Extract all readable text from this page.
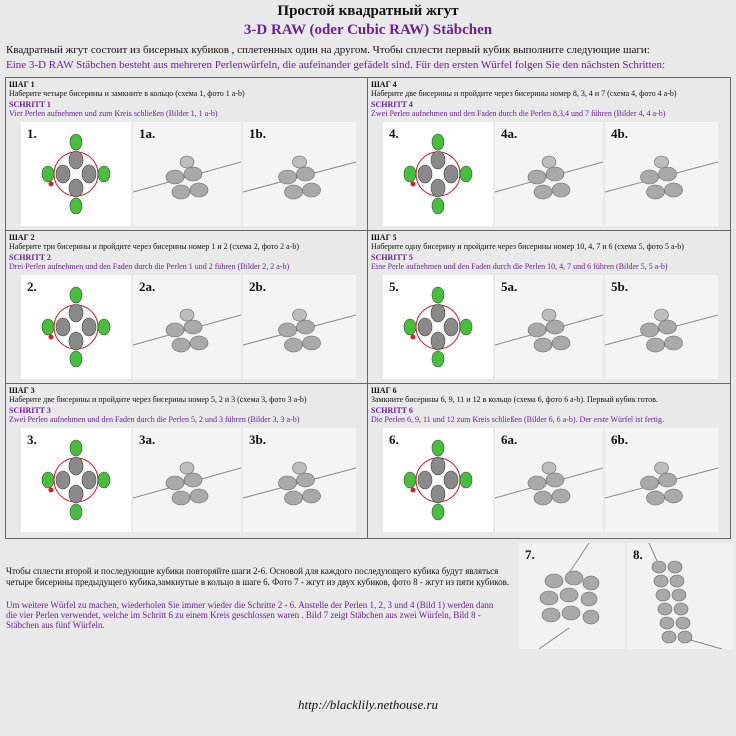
Простой квадратный жгут
3-D RAW (oder Cubic RAW) Stäbchen
Квадратный жгут состоит из бисерных кубиков , сплетенных один на другом. Чтобы сплести первый кубик выполните следующие шаги:
Eine 3-D RAW Stäbchen besteht aus mehreren Perlenwürfeln, die aufeinander gefädelt sind. Für den ersten Würfel folgen Sie den nächsten Schritten:
ШАГ 1
Наберите четыре бисерины и замкните в кольцо (схема 1, фото 1 a-b)
SCHRITT 1
Vier Perlen aufnehmen und zum Kreis schließen (Bilder 1, 1 a-b)
1.	1a.	1b.
ШАГ 4
Наберите две бисерины и пройдите через бисерины номер 8, 3, 4 и 7 (схема 4, фото 4 a-b)
SCHRITT 4
Zwei Perlen aufnehmen und den Faden durch die Perlen 8,3,4 und 7 führen (Bilder 4, 4 a-b)
4.	4a.	4b.
ШАГ 2
Наберите три бисерины и пройдите через бисерины номер 1 и 2 (схема 2, фото 2 a-b)
SCHRITT 2
Drei Perlen aufnehmen und den Faden durch die Perlen 1 und 2 führen (Bilder 2, 2 a-b)
2.	2a.	2b.
ШАГ 5
Наберите одну бисерину и пройдите через бисерины номер 10, 4, 7 и 6 (схема 5, фото 5 a-b)
SCHRITT 5
Eine Perle aufnehmen und den Faden durch die Perlen 10, 4, 7 und 6 führen (Bilder 5, 5 a-b)
5.	5a.	5b.
ШАГ 3
Наберите две бисерины и пройдите через бисерины номер 5, 2 и 3 (схема 3, фото 3 a-b)
SCHRITT 3
Zwei Perlen aufnehmen und den Faden durch die Perlen 5, 2 und 3 führen (Bilder 3, 3 a-b)
3.	3a.	3b.
ШАГ 6
Замкните бисерины 6, 9, 11 и 12 в кольцо (схема 6, фото 6 a-b). Первый кубик готов.
SCHRITT 6
Die Perlen 6, 9, 11 und 12 zum Kreis schließen (Bilder 6, 6 a-b). Der erste Würfel ist fertig.
6.	6a.	6b.
Чтобы сплести второй и последующие кубики повторяйте шаги 2-6. Основой для каждого последующего кубика будут являться четыре бисерины предыдущего кубика,замкнутые в кольцо в шаге 6. Фото 7 - жгут из двух кубиков, фото 8 - жгут из пяти кубиков.
Um weitere Würfel zu machen, wiederholen Sie immer wieder die Schritte 2 - 6. Anstelle der Perlen 1, 2, 3 und 4 (Bild 1) werden dann die vier Perlen verwendet, welche im Schritt 6 zu einem Kreis geschlossen waren . Bild 7 zeigt Stäbchen aus zwei Würfeln, Bild 8 - Stäbchen aus fünf Würfeln.
7.	8.
http://blacklily.nethouse.ru
